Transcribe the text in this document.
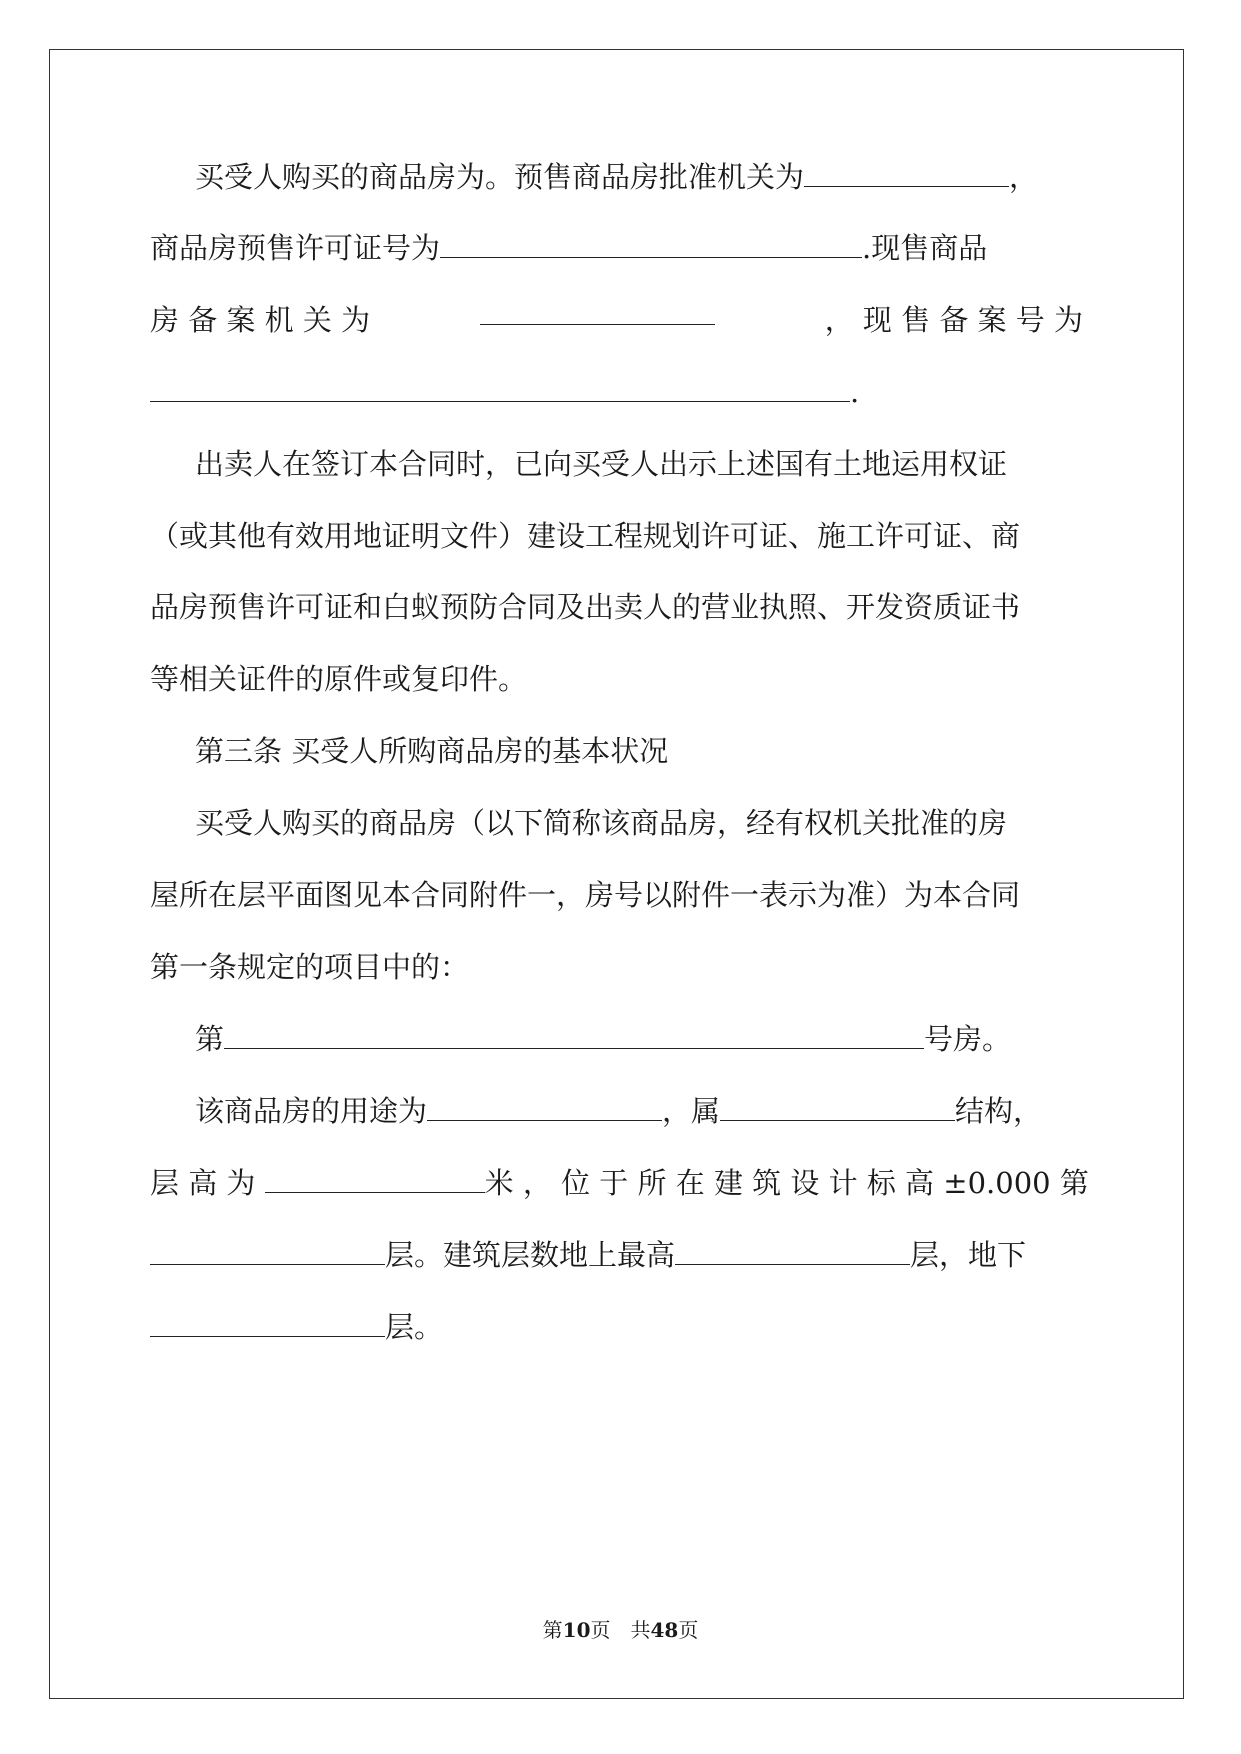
买受人购买的商品房为。预售商品房批准机关为	，
商品房预售许可证号为	.现售商品
房 备 案 机 关 为	， 现 售 备 案 号 为
.
出卖人在签订本合同时，已向买受人出示上述国有土地运用权证
（或其他有效用地证明文件）建设工程规划许可证、施工许可证、商
品房预售许可证和白蚁预防合同及出卖人的营业执照、开发资质证书
等相关证件的原件或复印件。
第三条 买受人所购商品房的基本状况
买受人购买的商品房（以下简称该商品房，经有权机关批准的房
屋所在层平面图见本合同附件一，房号以附件一表示为准）为本合同
第一条规定的项目中的：
第	号房。
该商品房的用途为	，属	结构，
层 高 为	米 ， 位 于 所 在 建 筑 设 计 标 高 ±0.000 第
层。建筑层数地上最高	层，地下
层。
第10页　共48页
